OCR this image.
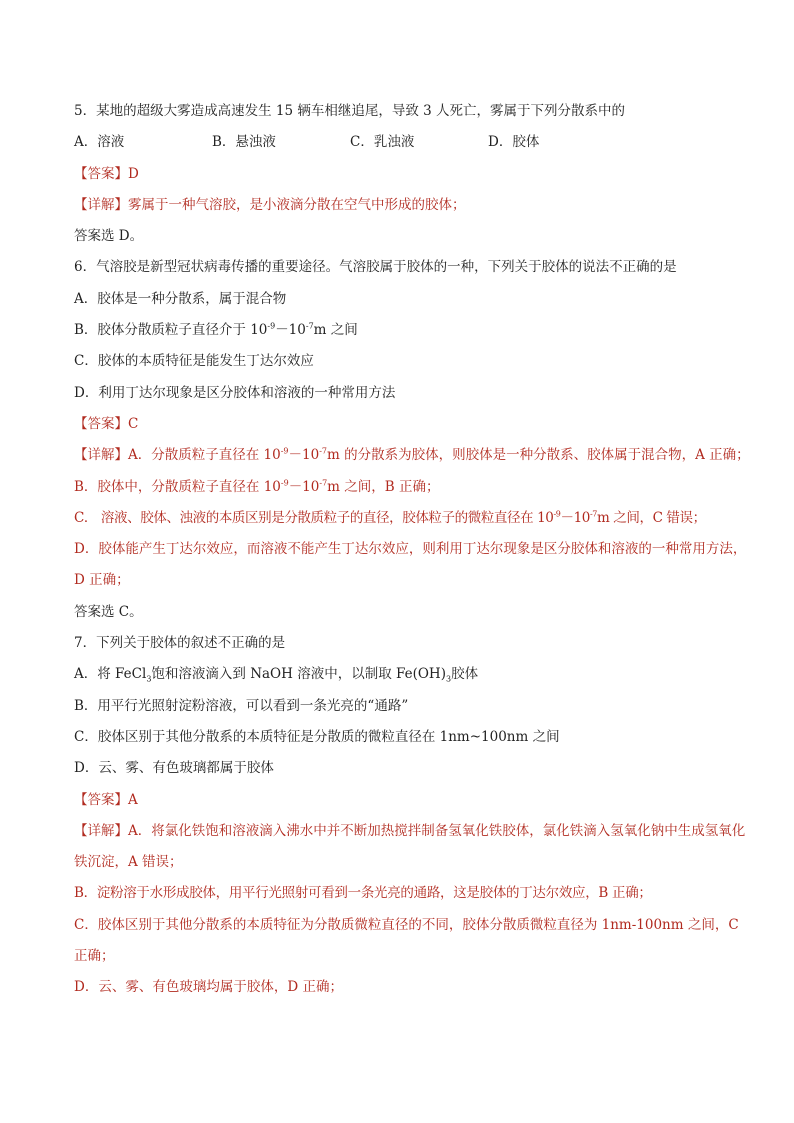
5．某地的超级大雾造成高速发生 15 辆车相继追尾，导致 3 人死亡，雾属于下列分散系中的
A．溶液	B．悬浊液	C．乳浊液	D．胶体
【答案】D
【详解】雾属于一种气溶胶，是小液滴分散在空气中形成的胶体；
答案选 D。
6．气溶胶是新型冠状病毒传播的重要途径。气溶胶属于胶体的一种，下列关于胶体的说法不正确的是
A．胶体是一种分散系，属于混合物
B．胶体分散质粒子直径介于 $10^{-9}-10^{-7}m$ 之间
C．胶体的本质特征是能发生丁达尔效应
D．利用丁达尔现象是区分胶体和溶液的一种常用方法
【答案】C
【详解】A．分散质粒子直径在 $10^{-9}-10^{-7}m$ 的分散系为胶体，则胶体是一种分散系、胶体属于混合物，A 正确；
B．胶体中，分散质粒子直径在 $10^{-9}-10^{-7}m$ 之间，B 正确；
C． 溶液、胶体、浊液的本质区别是分散质粒子的直径，胶体粒子的微粒直径在 $10^{-9}-10^{-7}m$ 之间，C 错误；
D．胶体能产生丁达尔效应，而溶液不能产生丁达尔效应，则利用丁达尔现象是区分胶体和溶液的一种常用方法，D 正确；
答案选 C。
7．下列关于胶体的叙述不正确的是
A．将 FeCl$_3$饱和溶液滴入到 NaOH 溶液中，以制取 $Fe(OH)_3$胶体
B．用平行光照射淀粉溶液，可以看到一条光亮的“通路”
C．胶体区别于其他分散系的本质特征是分散质的微粒直径在 1nm~100nm 之间
D．云、雾、有色玻璃都属于胶体
【答案】A
【详解】A．将氯化铁饱和溶液滴入沸水中并不断加热搅拌制备氢氧化铁胶体，氯化铁滴入氢氧化钠中生成氢氧化铁沉淀，A 错误；
B．淀粉溶于水形成胶体，用平行光照射可看到一条光亮的通路，这是胶体的丁达尔效应，B 正确；
C．胶体区别于其他分散系的本质特征为分散质微粒直径的不同，胶体分散质微粒直径为 1nm-100nm 之间，C 正确；
D．云、雾、有色玻璃均属于胶体，D 正确；
